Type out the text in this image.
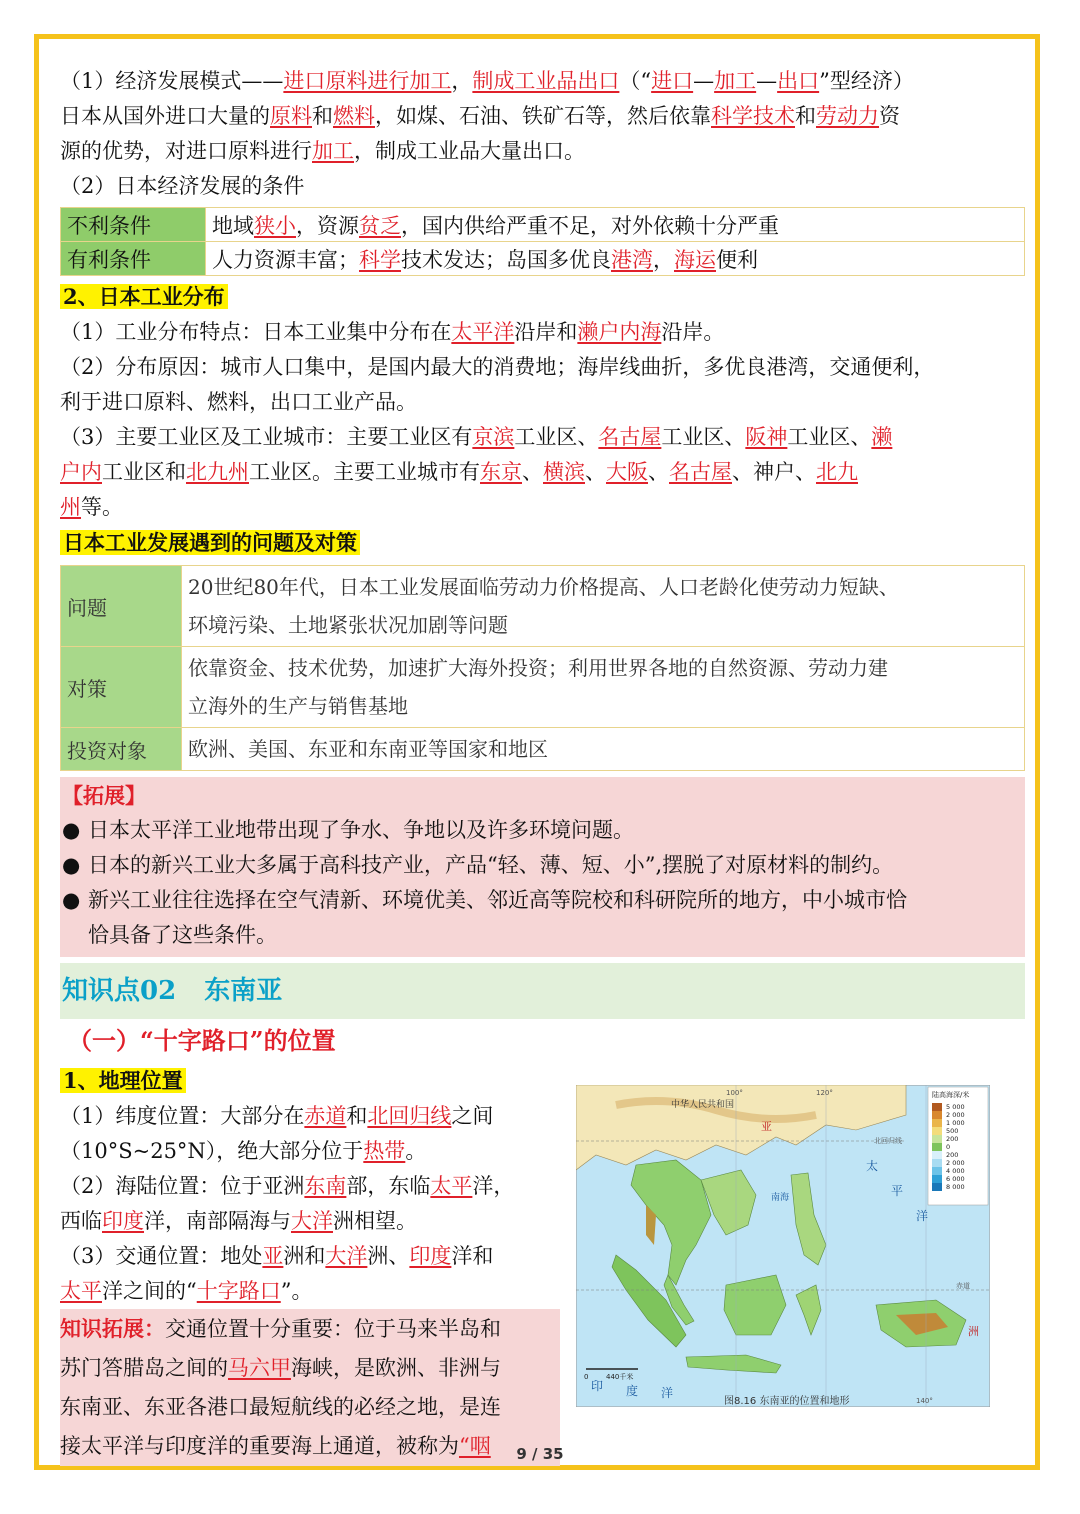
（1）经济发展模式——进口原料进行加工，制成工业品出口（“进口—加工—出口”型经济）
日本从国外进口大量的原料和燃料，如煤、石油、铁矿石等，然后依靠科学技术和劳动力资
源的优势，对进口原料进行加工，制成工业品大量出口。
（2）日本经济发展的条件
不利条件	地域狭小，资源贫乏，国内供给严重不足，对外依赖十分严重
有利条件	人力资源丰富；科学技术发达；岛国多优良港湾，海运便利
2、日本工业分布
（1）工业分布特点：日本工业集中分布在太平洋沿岸和濑户内海沿岸。
（2）分布原因：城市人口集中，是国内最大的消费地；海岸线曲折，多优良港湾，交通便利，
利于进口原料、燃料，出口工业产品。
（3）主要工业区及工业城市：主要工业区有京滨工业区、名古屋工业区、阪神工业区、濑
户内工业区和北九州工业区。主要工业城市有东京、横滨、大阪、名古屋、神户、北九
州等。
日本工业发展遇到的问题及对策
问题	20世纪80年代，日本工业发展面临劳动力价格提高、人口老龄化使劳动力短缺、
环境污染、土地紧张状况加剧等问题

对策	依靠资金、技术优势，加速扩大海外投资；利用世界各地的自然资源、劳动力建
立海外的生产与销售基地

投资对象	欧洲、美国、东亚和东南亚等国家和地区
【拓展】
● 日本太平洋工业地带出现了争水、争地以及许多环境问题。
● 日本的新兴工业大多属于高科技产业，产品“轻、薄、短、小”,摆脱了对原材料的制约。
● 新兴工业往往选择在空气清新、环境优美、邻近高等院校和科研院所的地方，中小城市恰
恰具备了这些条件。
知识点02 东南亚
（一）“十字路口”的位置
1、地理位置
（1）纬度位置：大部分在赤道和北回归线之间
（10°S~25°N），绝大部分位于热带。
（2）海陆位置：位于亚洲东南部，东临太平洋，
西临印度洋，南部隔海与大洋洲相望。
（3）交通位置：地处亚洲和大洋洲、印度洋和
太平洋之间的“十字路口”。
知识拓展：交通位置十分重要：位于马来半岛和
苏门答腊岛之间的马六甲海峡，是欧洲、非洲与
东南亚、东亚各港口最短航线的必经之地，是连
接太平洋与印度洋的重要海上通道，被称为“咽
中华人民共和国
亚
太
平
洋
印 度 洋
洲
北回归线
赤道
南海
100°	120°
140°
陆高海深/米
5 000
2 000
1 000
500
200
0
200
2 000
4 000
6 000
8 000
0	440千米
图8.16 东南亚的位置和地形
9 / 35
